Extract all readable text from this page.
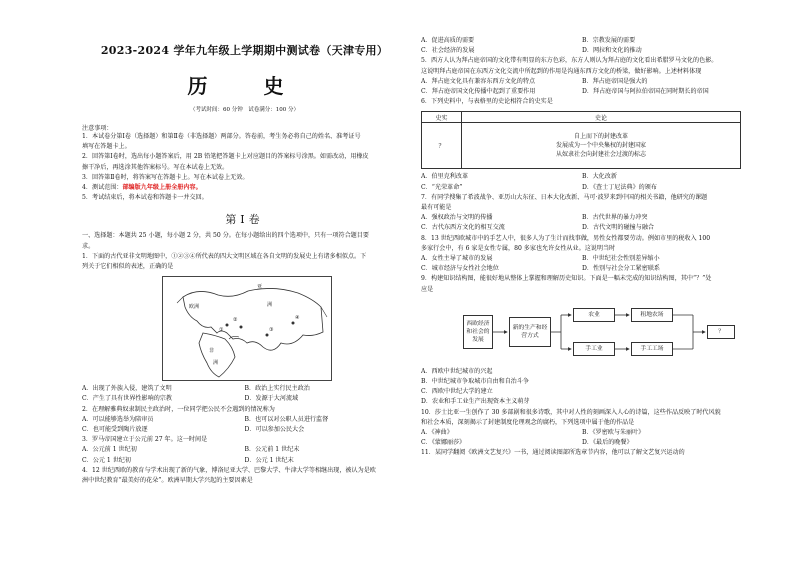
2023-2024 学年九年级上学期期中测试卷（天津专用）
历　史
（考试时间：60 分钟　试卷满分：100 分）
注意事项：
1．本试卷分第Ⅰ卷（选择题）和第Ⅱ卷（非选择题）两部分。答卷前，考生务必将自己的姓名、准考证号
填写在答题卡上。
2．回答第Ⅰ卷时，选出每小题答案后，用 2B 铅笔把答题卡上对应题目的答案标号涂黑。如需改动，用橡皮
擦干净后，再选涂其他答案标号。写在本试卷上无效。
3．回答第Ⅱ卷时，将答案写在答题卡上。写在本试卷上无效。
4．测试范围：部编版九年级上册全册内容。
5．考试结束后，将本试卷和答题卡一并交回。
第Ⅰ卷
一、选择题：本题共 25 小题，每小题 2 分，共 50 分。在每小题给出的四个选项中，只有一项符合题目要
求。
1．下面的古代亚非文明地图中，①②③④所代表的四大文明区域在各自文明的发展史上有诸多相似点。下
列关于它们相似的表述，正确的是
亚
洲
欧洲
非
洲
②
③
④
①
A．出现了外族入侵，建筑了文明	B．政治上实行民主政治
C．产生了具有世界性影响的宗教	D．发源于大河流域
2．在理解雅典奴隶制民主政治时，一位同学把公民不会遇到的情况称为
A．可以能够选举为陪审员	B．也可以对公职人员进行监督
C．也可能受到陶片放逐	D．可以参加公民大会
3．罗马帝国建立于公元前 27 年。这一时间是
A．公元前 1 世纪初	B．公元前 1 世纪末
C．公元 1 世纪初	D．公元 1 世纪末
4．12 世纪西欧的教育与学术出现了新的气象，博洛尼亚大学、巴黎大学、牛津大学等相继出现，被认为是欧
洲中世纪教育“最美好的花朵”。欧洲早期大学兴起的主要因素是
A．促进高质的需要	B．宗教发展的需要
C．社会经济的发展	D．网拉和文化的推动
5．西方人认为拜占庭帝国的文化带有明显的东方色彩，东方人则认为拜占庭的文化看出希腊罗马文化的色影。
这说明拜占庭帝国在东西方文化交流中所起到的作用是沟通东西方文化的桥梁，做好影响。上述材料体现
A．拜占庭文化具有兼容东西方文化的特点	B．拜占庭帝国是强大的
C．拜占庭帝国文化传播中起到了重要作用	D．拜占庭帝国与阿拉伯帝国在同时期长的帝国
6．下列史料中，与表格里的史论相符合的史实是
史实	史论
？	自上而下的封建改革
发展成为一个中央集权的封建国家
从奴隶社会向封建社会过渡的标志
A．伯里克利改革	B．大化改新
C．“光荣革命”	D．《查士丁尼法典》的颁布
7．有同学搜集了希波战争、亚历山大东征、日本大化改新、马可·波罗来到中国的相关书籍，他研究的课题
最有可能是
A．强权政治与文明的传播	B．古代世界的暴力冲突
C．古代东西方文化的相互交流	D．古代文明的碰撞与融合
8．13 世纪西欧城市中的手艺人中，很多人为了生计而找事做，男性女性都要劳动。例如市里的税收入 100
多家行会中，有 6 家是女性专属，80 多家也允许女性从业。这说明当时
A．女性主导了城市的发展	B．中世纪社会性别差异缩小
C．城市经济与女性社会地位	D．性别与社会分工紧密联系
9．构建知识结构图，能很好地从整体上掌握和理解历史知识。下面是一幅未完成的知识结构图，其中“？”处
应是
西欧经济和社会的发展
新的生产和经营方式
农业	租地农场
手工业	手工工场
？
A．西欧中世纪城市的兴起
B．中世纪城市争取城市自由和自治斗争
C．西欧中世纪大学的建立
D．农业和手工业生产出现资本主义萌芽
10．莎士比亚一生创作了 30 多部剧和很多诗歌，其中对人性的刻画深入人心的诗篇，这些作品反映了时代风貌
和社会本质，深刻揭示了封建制度伦理观念的腐朽，下列选项中属于他的作品是
A．《神曲》	B．《罗密欧与朱丽叶》
C．《蒙娜丽莎》	D．《最后的晚餐》
11．某同学翻阅《欧洲文艺复兴》一书，通过阅读图部所选章节内容，他可以了解文艺复兴运动的
